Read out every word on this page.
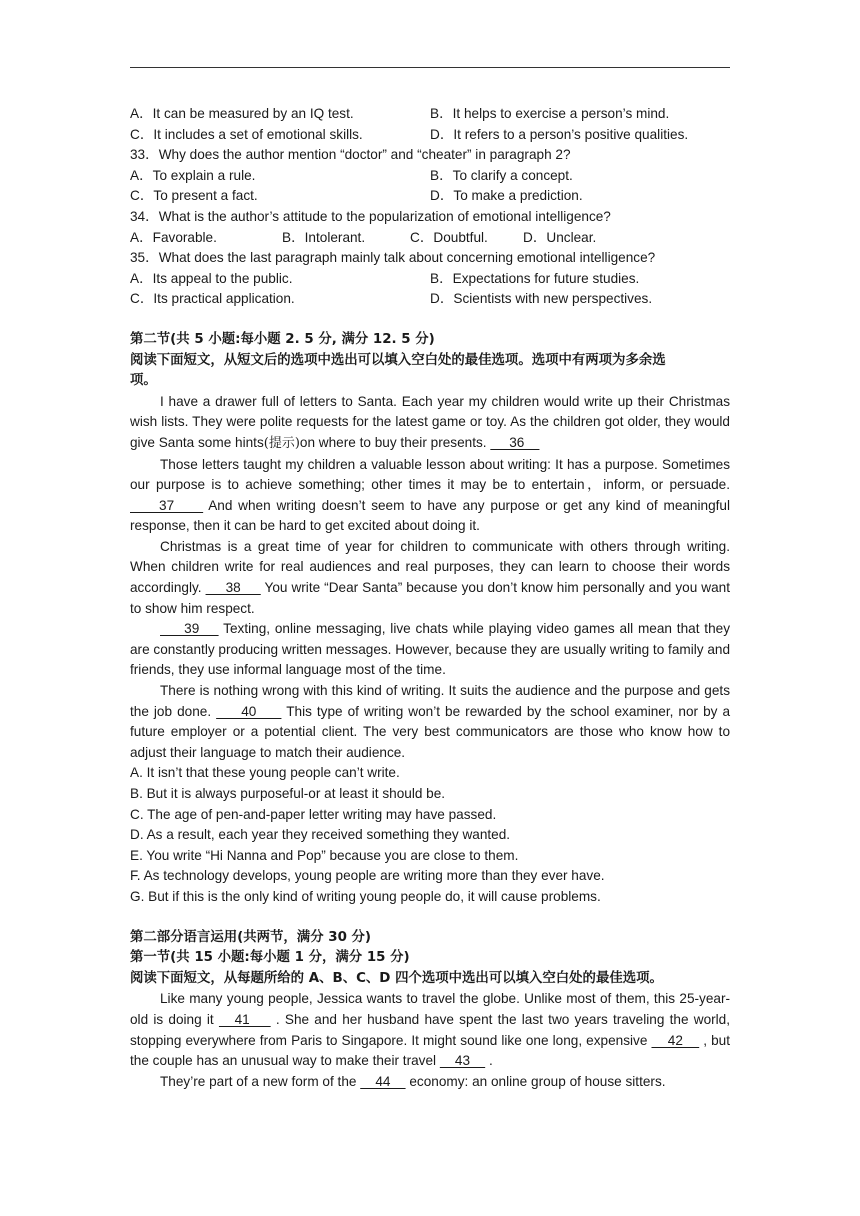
A．It can be measured by an IQ test.	B．It helps to exercise a person’s mind.
C．It includes a set of emotional skills.	D．It refers to a person’s positive qualities.
33．Why does the author mention “doctor” and “cheater” in paragraph 2?
A．To explain a rule.	B．To clarify a concept.
C．To present a fact.	D．To make a prediction.
34．What is the author’s attitude to the popularization of emotional intelligence?
A．Favorable.	B．Intolerant.	C．Doubtful.	D．Unclear.
35．What does the last paragraph mainly talk about concerning emotional intelligence?
A．Its appeal to the public.	B．Expectations for future studies.
C．Its practical application.	D．Scientists with new perspectives.
第二节(共 5 小题:每小题 2. 5 分, 满分 12. 5 分)
阅读下面短文，从短文后的选项中选出可以填入空白处的最佳选项。选项中有两项为多余选
项。

I have a drawer full of letters to Santa. Each year my children would write up their Christmas wish lists. They were polite requests for the latest game or toy. As the children got older, they would give Santa some hints(提示)on where to buy their presents.      36

Those letters taught my children a valuable lesson about writing: It has a purpose. Sometimes our purpose is to achieve something; other times it may be to entertain，inform, or persuade.      37      And when writing doesn’t seem to have any purpose or get any kind of meaningful response, then it can be hard to get excited about doing it.

Christmas is a great time of year for children to communicate with others through writing. When children write for real audiences and real purposes, they can learn to choose their words accordingly.      38      You write “Dear Santa” because you don’t know him personally and you want to show him respect.

39     Texting, online messaging, live chats while playing video games all mean that they are constantly producing written messages. However, because they are usually writing to family and friends, they use informal language most of the time.

There is nothing wrong with this kind of writing. It suits the audience and the purpose and gets the job done.      40      This type of writing won’t be rewarded by the school examiner, nor by a future employer or a potential client. The very best communicators are those who know how to adjust their language to match their audience.

A. It isn’t that these young people can’t write.
B. But it is always purposeful-or at least it should be.
C. The age of pen-and-paper letter writing may have passed.
D. As a result, each year they received something they wanted.
E. You write “Hi Nanna and Pop” because you are close to them.
F. As technology develops, young people are writing more than they ever have.
G. But if this is the only kind of writing young people do, it will cause problems.
第二部分语言运用(共两节，满分 30 分)
第一节(共 15 小题:每小题 1 分，满分 15 分)
阅读下面短文，从每题所给的 A、B、C、D 四个选项中选出可以填入空白处的最佳选项。

Like many young people, Jessica wants to travel the globe. Unlike most of them, this 25-year-old is doing it    41     . She and her husband have spent the last two years traveling the world, stopping everywhere from Paris to Singapore. It might sound like one long, expensive     42     , but the couple has an unusual way to make their travel     43     .

They’re part of a new form of the     44     economy: an online group of house sitters.
